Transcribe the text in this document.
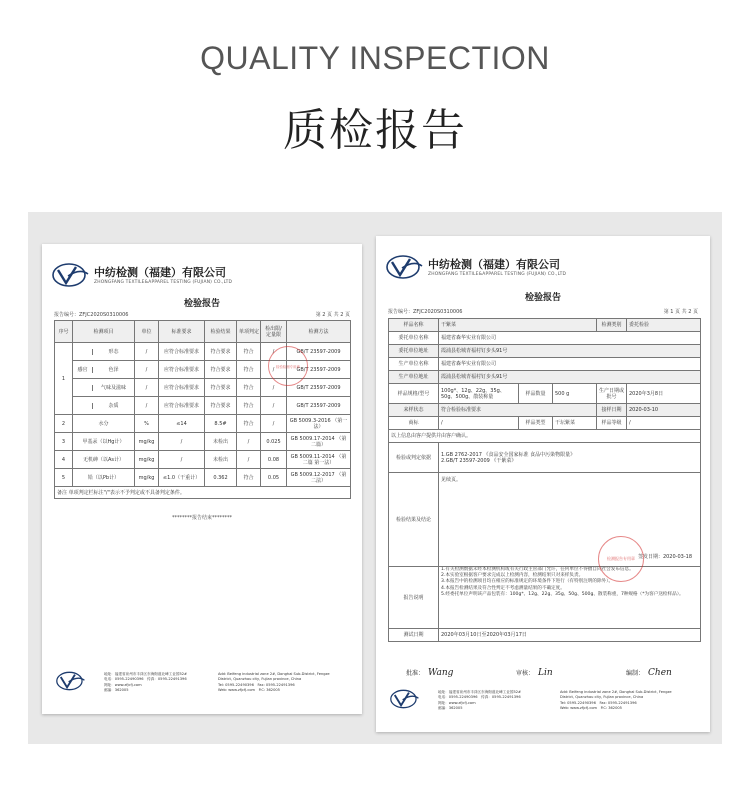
QUALITY INSPECTION
质检报告
中纺检测（福建）有限公司
ZHONGFANG TEXTILE&APPAREL TESTING (FUJIAN) CO.,LTD
检验报告
报告编号：ZFJC2020S0310006	第 2 页 共 2 页
序号	检测项目	单位	标准要求	检验结果	单项判定	检出限/定量限	检测方法
1	形态	/	应符合标准要求	符合要求	符合	/	GB/T 23597-2009

感官 色泽	/	应符合标准要求	符合要求	符合	/	GB/T 23597-2009

	气味及滋味	/	应符合标准要求	符合要求	符合	/	GB/T 23597-2009

	杂质	/	应符合标准要求	符合要求	符合	/	GB/T 23597-2009
2	水分	%	≤14	8.5#	符合	/	GB 5009.3-2016 （第一法）
3	甲基汞（以Hg计）	mg/kg	/	未检出	/	0.025	GB 5009.17-2014 （第二篇）
4	无机砷（以As计）	mg/kg	/	未检出	/	0.08	GB 5009.11-2014 （第二篇 第一法）
5	铅（以Pb计）	mg/kg	≤1.0（干重计）	0.362	符合	0.05	GB 5009.12-2017 （第二法）
备注 单项判定栏标注"/"表示不予判定或不具备判定条件。							
检验检测专用章
********报告结束********
地址：福建省泉州市丰泽区东海街道北峰工业园52#
电话：0595-22490396　 传真：0595-22491396
网址：www.zfjcfj.com
邮编：362005
Add: Beifeng industrial zone 2#, Donghai Sub-District, Fengze
District, Quanzhou city, Fujian province, China
Tel: 0595-22490396　 Fax: 0595-22491396
Web: www.zfjcfj.com　 P.C: 362005
中纺检测（福建）有限公司
ZHONGFANG TEXTILE&APPAREL TESTING (FUJIAN) CO.,LTD
检验报告
报告编号：ZFJC2020S0310006	第 1 页 共 2 页
样品名称	干紫菜			检测类别	委托检验
委托单位名称	福建省森华实业有限公司				
委托单位地址	霞浦县松城青福村钉步头91号				
生产单位名称	福建省森华实业有限公司				
生产单位地址	霞浦县松城青福村钉步头91号				
样品规格/型号	100g*、12g、22g、35g、50g、500g、散装称量	样品数量	500 g	生产日期或批号	2020年3月8日
来样状态	符合检验标准要求			接样日期	2020-03-10
商标	/	样品类型	干坛紫菜	样品等级	/
以上信息由客户提供并由客户确认。					
检验或判定依据	1.GB 2762-2017 《食品安全国家标准 食品中污染物限量》
2.GB/T 23597-2009 《干紫菜》				

检验结果及结论	见续页。
签发日期：2020-03-18				

报告说明	1.有关检测数据未经本检测机构或有关行政主管部门允许，任何单位不得擅自向社会发布信息。
2.本实验室根据客户要求完成以上检测内容，检测结果只对来样负责。
3.本报告中的检测项目均在相应的标准规定的环境条件下进行（有特别注明的除外）。
4.本报告检测结果及符合性判定不考虑测量结果的不确定度。
5.经委托单位声明该产品包装有：100g*、12g、22g、35g、50g、500g、散装称重，7种规格（*为客户送检样品）。				

测试日期	2020年03月10日至2020年03月17日				
检测报告专用章
批准： Wang	审核： Lin	编制： Chen
地址：福建省泉州市丰泽区东海街道北峰工业园52#
电话：0595-22490396　 传真：0595-22491396
网址：www.zfjcfj.com
邮编：362005
Add: Beifeng industrial zone 2#, Donghai Sub-District, Fengze
District, Quanzhou city, Fujian province, China
Tel: 0595-22490396　 Fax: 0595-22491396
Web: www.zfjcfj.com　 P.C: 362005
